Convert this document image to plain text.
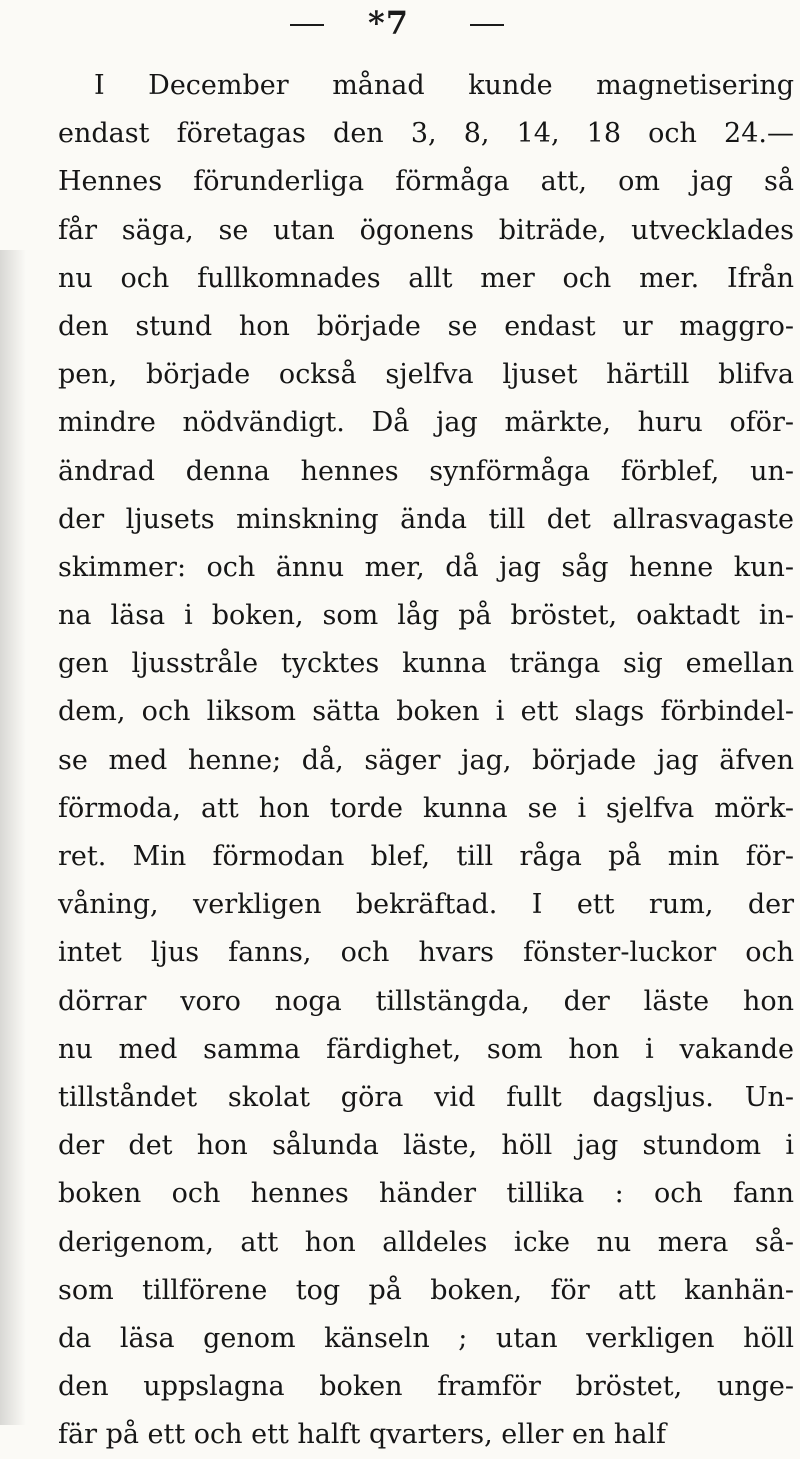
*7
I December månad kunde magnetisering
endast företagas den 3, 8, 14, 18 och 24.—
Hennes förunderliga förmåga att, om jag så
får säga, se utan ögonens biträde, utvecklades
nu och fullkomnades allt mer och mer. Ifrån
den stund hon började se endast ur maggro-
pen, började också sjelfva ljuset härtill blifva
mindre nödvändigt. Då jag märkte, huru oför-
ändrad denna hennes synförmåga förblef, un-
der ljusets minskning ända till det allrasvagaste
skimmer: och ännu mer, då jag såg henne kun-
na läsa i boken, som låg på bröstet, oaktadt in-
gen ljusstråle tycktes kunna tränga sig emellan
dem, och liksom sätta boken i ett slags förbindel-
se med henne; då, säger jag, började jag äfven
förmoda, att hon torde kunna se i sjelfva mörk-
ret. Min förmodan blef, till råga på min för-
våning, verkligen bekräftad. I ett rum, der
intet ljus fanns, och hvars fönster-luckor och
dörrar voro noga tillstängda, der läste hon
nu med samma färdighet, som hon i vakande
tillståndet skolat göra vid fullt dagsljus. Un-
der det hon sålunda läste, höll jag stundom i
boken och hennes händer tillika : och fann
derigenom, att hon alldeles icke nu mera så-
som tillförene tog på boken, för att kanhän-
da läsa genom känseln ; utan verkligen höll
den uppslagna boken framför bröstet, unge-
fär på ett och ett halft qvarters, eller en half
